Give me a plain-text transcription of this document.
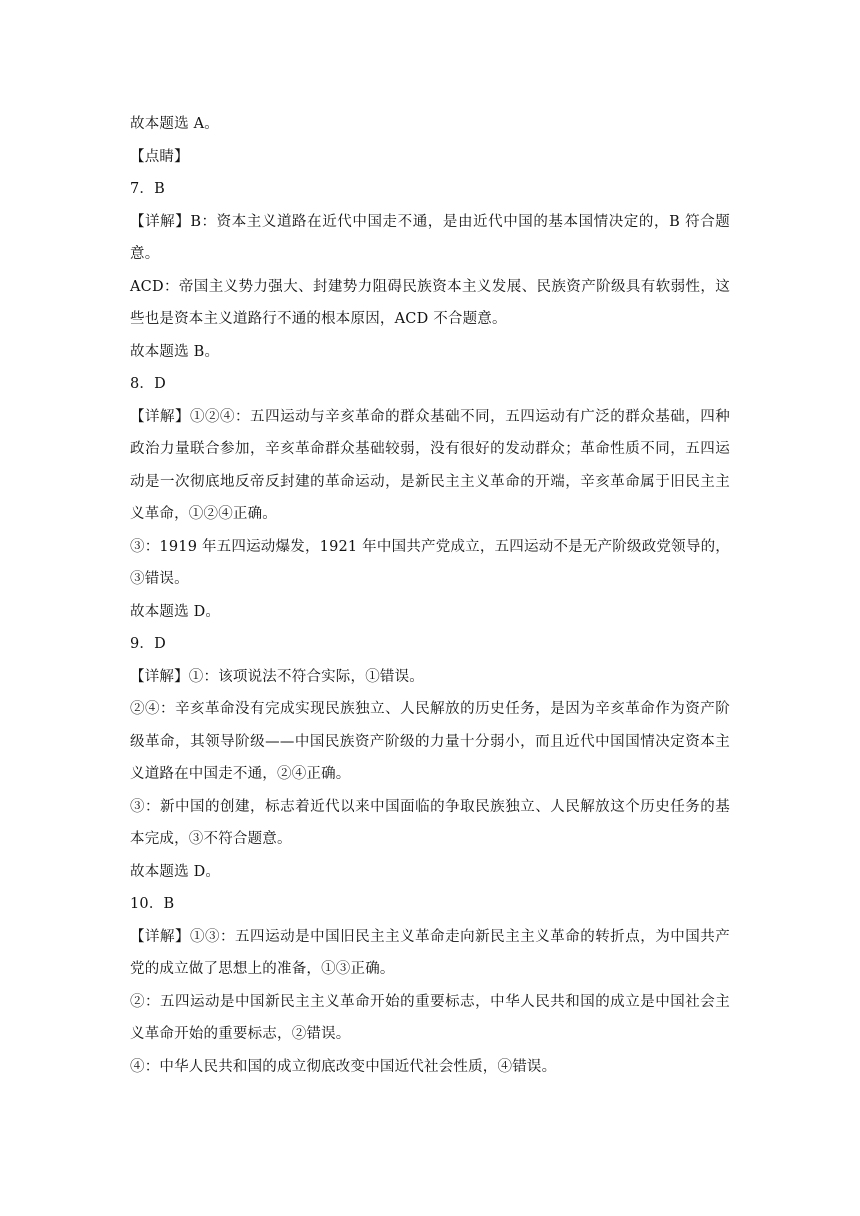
故本题选 A。

【点睛】

7．B

【详解】B：资本主义道路在近代中国走不通，是由近代中国的基本国情决定的，B 符合题意。

ACD：帝国主义势力强大、封建势力阻碍民族资本主义发展、民族资产阶级具有软弱性，这些也是资本主义道路行不通的根本原因，ACD 不合题意。

故本题选 B。

8．D

【详解】①②④：五四运动与辛亥革命的群众基础不同，五四运动有广泛的群众基础，四种政治力量联合参加，辛亥革命群众基础较弱，没有很好的发动群众；革命性质不同，五四运动是一次彻底地反帝反封建的革命运动，是新民主主义革命的开端，辛亥革命属于旧民主主义革命，①②④正确。

③：1919 年五四运动爆发，1921 年中国共产党成立，五四运动不是无产阶级政党领导的，③错误。

故本题选 D。

9．D

【详解】①：该项说法不符合实际，①错误。

②④：辛亥革命没有完成实现民族独立、人民解放的历史任务，是因为辛亥革命作为资产阶级革命，其领导阶级——中国民族资产阶级的力量十分弱小，而且近代中国国情决定资本主义道路在中国走不通，②④正确。

③：新中国的创建，标志着近代以来中国面临的争取民族独立、人民解放这个历史任务的基本完成，③不符合题意。

故本题选 D。

10．B

【详解】①③：五四运动是中国旧民主主义革命走向新民主主义革命的转折点，为中国共产党的成立做了思想上的准备，①③正确。

②：五四运动是中国新民主主义革命开始的重要标志，中华人民共和国的成立是中国社会主义革命开始的重要标志，②错误。

④：中华人民共和国的成立彻底改变中国近代社会性质，④错误。
